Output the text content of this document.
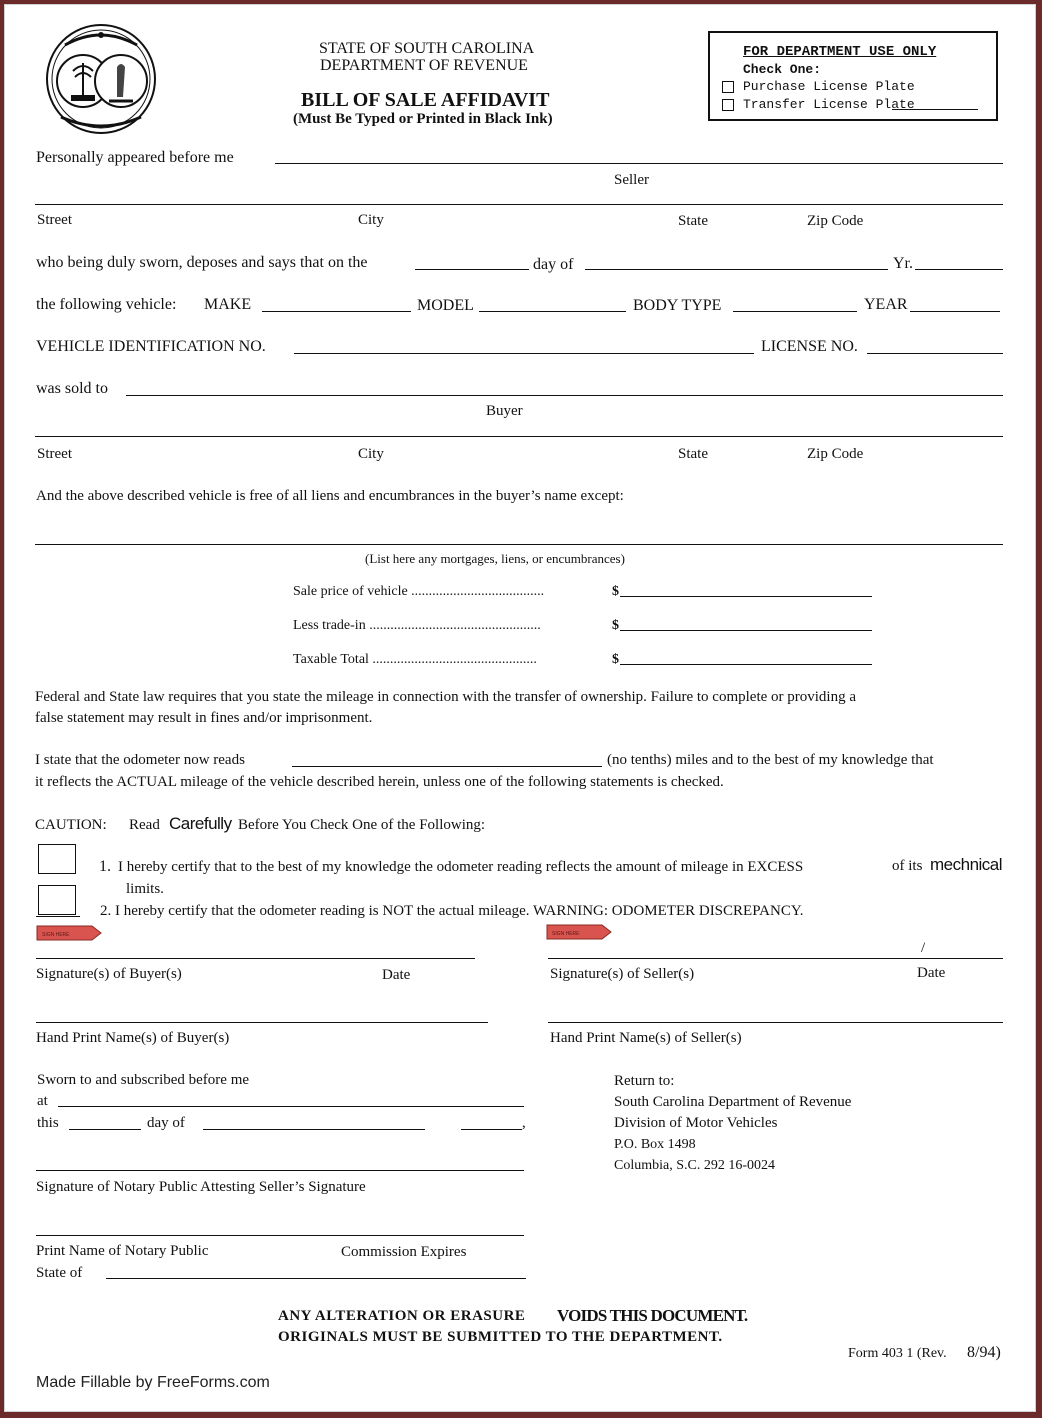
STATE OF SOUTH CAROLINA
DEPARTMENT OF REVENUE
BILL OF SALE AFFIDAVIT
(Must Be Typed or Printed in Black Ink)
FOR DEPARTMENT USE ONLY
Check One:
Purchase License Plate
Transfer License Plate
Personally appeared before me
Seller
Street	City	State	Zip Code
who being duly sworn, deposes and says that on the	day of	Yr.
the following vehicle: MAKE	MODEL	BODY TYPE	YEAR
VEHICLE IDENTIFICATION NO.	LICENSE NO.
was sold to
Buyer
Street	City	State	Zip Code
And the above described vehicle is free of all liens and encumbrances in the buyer’s name except:
(List here any mortgages, liens, or encumbrances)
Sale price of vehicle ......................................	$
Less trade-in .................................................	$
Taxable Total ...............................................	$
Federal and State law requires that you state the mileage in connection with the transfer of ownership. Failure to complete or providing a
false statement may result in fines and/or imprisonment.
I state that the odometer now reads	(no tenths) miles and to the best of my knowledge that
it reflects the ACTUAL mileage of the vehicle described herein, unless one of the following statements is checked.
CAUTION: Read Carefully Before You Check One of the Following:
1. I hereby certify that to the best of my knowledge the odometer reading reflects the amount of mileage in EXCESS	of its mechnical
limits.
2. I hereby certify that the odometer reading is NOT the actual mileage. WARNING: ODOMETER DISCREPANCY.
SIGN HERE	SIGN HERE
Signature(s) of Buyer(s)	Date
/
Signature(s) of Seller(s)	Date
Hand Print Name(s) of Buyer(s)	Hand Print Name(s) of Seller(s)
Sworn to and subscribed before me
at
this	day of	,
Signature of Notary Public Attesting Seller’s Signature
Print Name of Notary Public	Commission Expires
State of
Return to:
South Carolina Department of Revenue
Division of Motor Vehicles
P.O. Box 1498
Columbia, S.C. 292 16-0024
ANY ALTERATION OR ERASURE VOIDS THIS DOCUMENT.
ORIGINALS MUST BE SUBMITTED TO THE DEPARTMENT.
Form 403 1 (Rev. 8/94)
Made Fillable by FreeForms.com
